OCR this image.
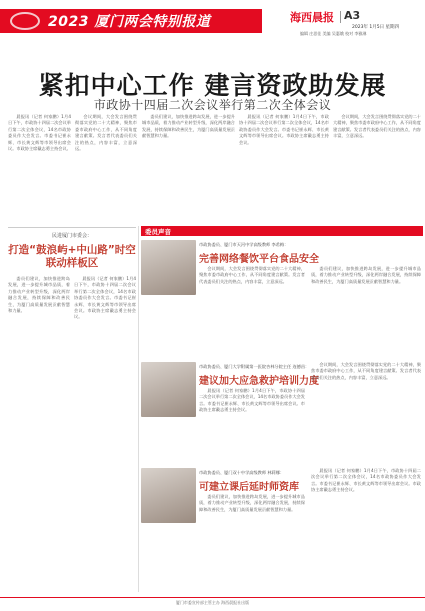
2023 厦门两会特别报道	海西晨报 A3
2023年 1月5日 星期四
编辑 庄思佳 美编 吴惠娥 校对 李雅淋
紧扣中心工作 建言资政助发展
市政协十四届二次会议举行第二次全体会议

晨报讯（记者 何家鹏）1月4日下午，市政协十四届二次会议举行第二次全体会议，14名市政协委员作大会发言。市委书记崔永辉、市长黄文辉等市领导出席会议。市政协主席戴志勇主持会议。

会议期间，大会发言围绕贯彻落实党的二十大精神，聚焦市委市政府中心工作，从不同角度建言献策。发言者代表委员们关注的热点，内容丰富，立意深远。

委员们建议，加快推进跨岛发展，进一步提升城市品质，着力推动产业转型升级，深化两岸融合发展，持续保障和改善民生，为厦门高质量发展贡献智慧和力量。

晨报讯（记者 何家鹏）1月4日下午，市政协十四届二次会议举行第二次全体会议，14名市政协委员作大会发言。市委书记崔永辉、市长黄文辉等市领导出席会议。市政协主席戴志勇主持会议。

会议期间，大会发言围绕贯彻落实党的二十大精神，聚焦市委市政府中心工作，从不同角度建言献策。发言者代表委员们关注的热点，内容丰富，立意深远。

民进厦门市委会：
打造“鼓浪屿+中山路”时空联动样板区

委员们建议，加快推进跨岛发展，进一步提升城市品质，着力推动产业转型升级，深化两岸融合发展，持续保障和改善民生，为厦门高质量发展贡献智慧和力量。

晨报讯（记者 何家鹏）1月4日下午，市政协十四届二次会议举行第二次全体会议，14名市政协委员作大会发言。市委书记崔永辉、市长黄文辉等市领导出席会议。市政协主席戴志勇主持会议。

委员声音
市政协委员、厦门市天河中学高级教师 李希梅：
完善网络餐饮平台食品安全

会议期间，大会发言围绕贯彻落实党的二十大精神，聚焦市委市政府中心工作，从不同角度建言献策。发言者代表委员们关注的热点，内容丰富，立意深远。

委员们建议，加快推进跨岛发展，进一步提升城市品质，着力推动产业转型升级，深化两岸融合发展，持续保障和改善民生，为厦门高质量发展贡献智慧和力量。

市政协委员、厦门大学附属第一医院杏林分院主任 连德昌：
建议加大应急救护培训力度

晨报讯（记者 何家鹏）1月4日下午，市政协十四届二次会议举行第二次全体会议，14名市政协委员作大会发言。市委书记崔永辉、市长黄文辉等市领导出席会议。市政协主席戴志勇主持会议。

会议期间，大会发言围绕贯彻落实党的二十大精神，聚焦市委市政府中心工作，从不同角度建言献策。发言者代表委员们关注的热点，内容丰富，立意深远。

市政协委员、厦门双十中学高级教师 林莉娜：
可建立课后延时师资库

委员们建议，加快推进跨岛发展，进一步提升城市品质，着力推动产业转型升级，深化两岸融合发展，持续保障和改善民生，为厦门高质量发展贡献智慧和力量。

晨报讯（记者 何家鹏）1月4日下午，市政协十四届二次会议举行第二次全体会议，14名市政协委员作大会发言。市委书记崔永辉、市长黄文辉等市领导出席会议。市政协主席戴志勇主持会议。

厦门市委宣传部主管主办 海西晨报社出版
